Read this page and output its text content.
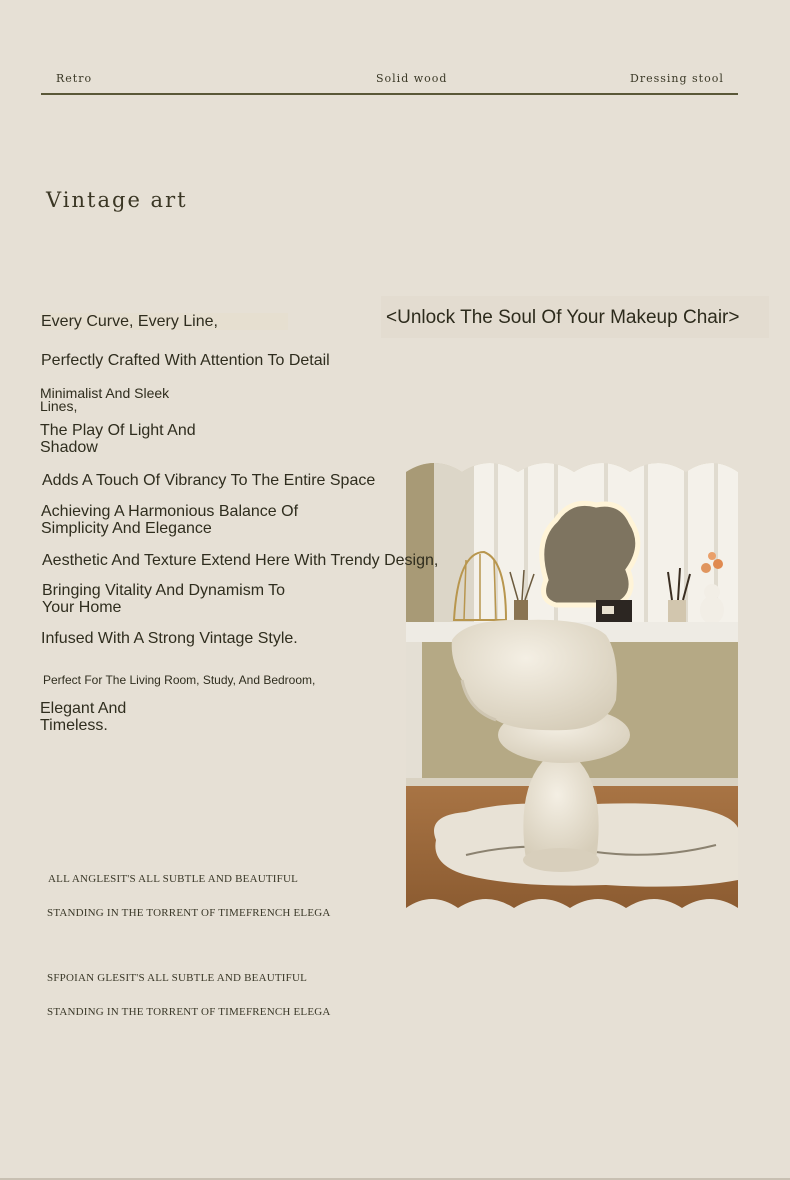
Retro	Solid wood	Dressing stool
Vintage art
<Unlock The Soul Of Your Makeup Chair>
Every Curve, Every Line,
Perfectly Crafted With Attention To Detail
Minimalist And Sleek
Lines,
The Play Of Light And
Shadow
Adds A Touch Of Vibrancy To The Entire Space
Achieving A Harmonious Balance Of
Simplicity And Elegance
Aesthetic And Texture Extend Here With Trendy Design,
Bringing Vitality And Dynamism To
Your Home
Infused With A Strong Vintage Style.
Perfect For The Living Room, Study, And Bedroom,
Elegant And
Timeless.
ALL ANGLESIT'S ALL SUBTLE AND BEAUTIFUL
STANDING IN THE TORRENT OF TIMEFRENCH ELEGA
SFPOIAN GLESIT'S ALL SUBTLE AND BEAUTIFUL
STANDING IN THE TORRENT OF TIMEFRENCH ELEGA
